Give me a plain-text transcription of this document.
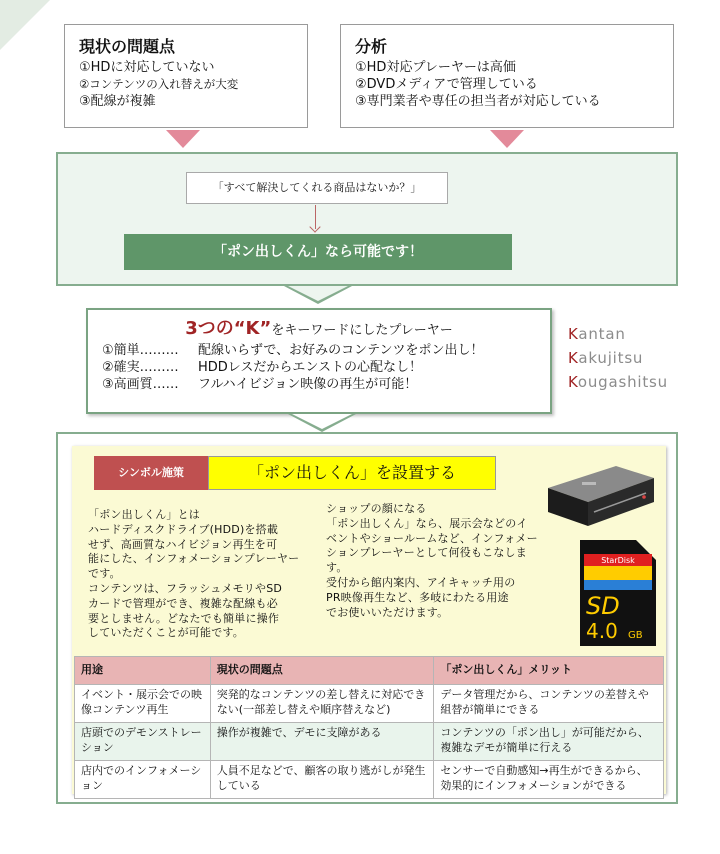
現状の問題点
①HDに対応していない
②コンテンツの入れ替えが大変
③配線が複雑
分析
①HD対応プレーヤーは高価
②DVDメディアで管理している
③専門業者や専任の担当者が対応している
「すべて解決してくれる商品はないか？」
「ポン出しくん」なら可能です！
3つの“K”をキーワードにしたプレーヤー
①簡単………	配線いらずで、お好みのコンテンツをポン出し！
②確実………	HDDレスだからエンストの心配なし！
③高画質……	フルハイビジョン映像の再生が可能！
Kantan
Kakujitsu
Kougashitsu
シンボル施策	「ポン出しくん」を設置する
「ポン出しくん」とは
ハードディスクドライブ(HDD)を搭載
せず、高画質なハイビジョン再生を可
能にした、インフォメーションプレーヤー
です。
コンテンツは、フラッシュメモリやSD
カードで管理ができ、複雑な配線も必
要としません。どなたでも簡単に操作
していただくことが可能です。
ショップの顔になる
「ポン出しくん」なら、展示会などのイ
ベントやショールームなど、インフォメー
ションプレーヤーとして何役もこなしま
す。
受付から館内案内、アイキャッチ用の
PR映像再生など、多岐にわたる用途
でお使いいただけます。
StarDisk
SD
4.0 GB
用途	現状の問題点	「ポン出しくん」メリット
イベント・展示会での映像コンテンツ再生	突発的なコンテンツの差し替えに対応できない(一部差し替えや順序替えなど)	データ管理だから、コンテンツの差替えや組替が簡単にできる
店頭でのデモンストレーション	操作が複雑で、デモに支障がある	コンテンツの「ポン出し」が可能だから、複雑なデモが簡単に行える
店内でのインフォメーション	人員不足などで、顧客の取り逃がしが発生している	センサーで自動感知→再生ができるから、効果的にインフォメーションができる
